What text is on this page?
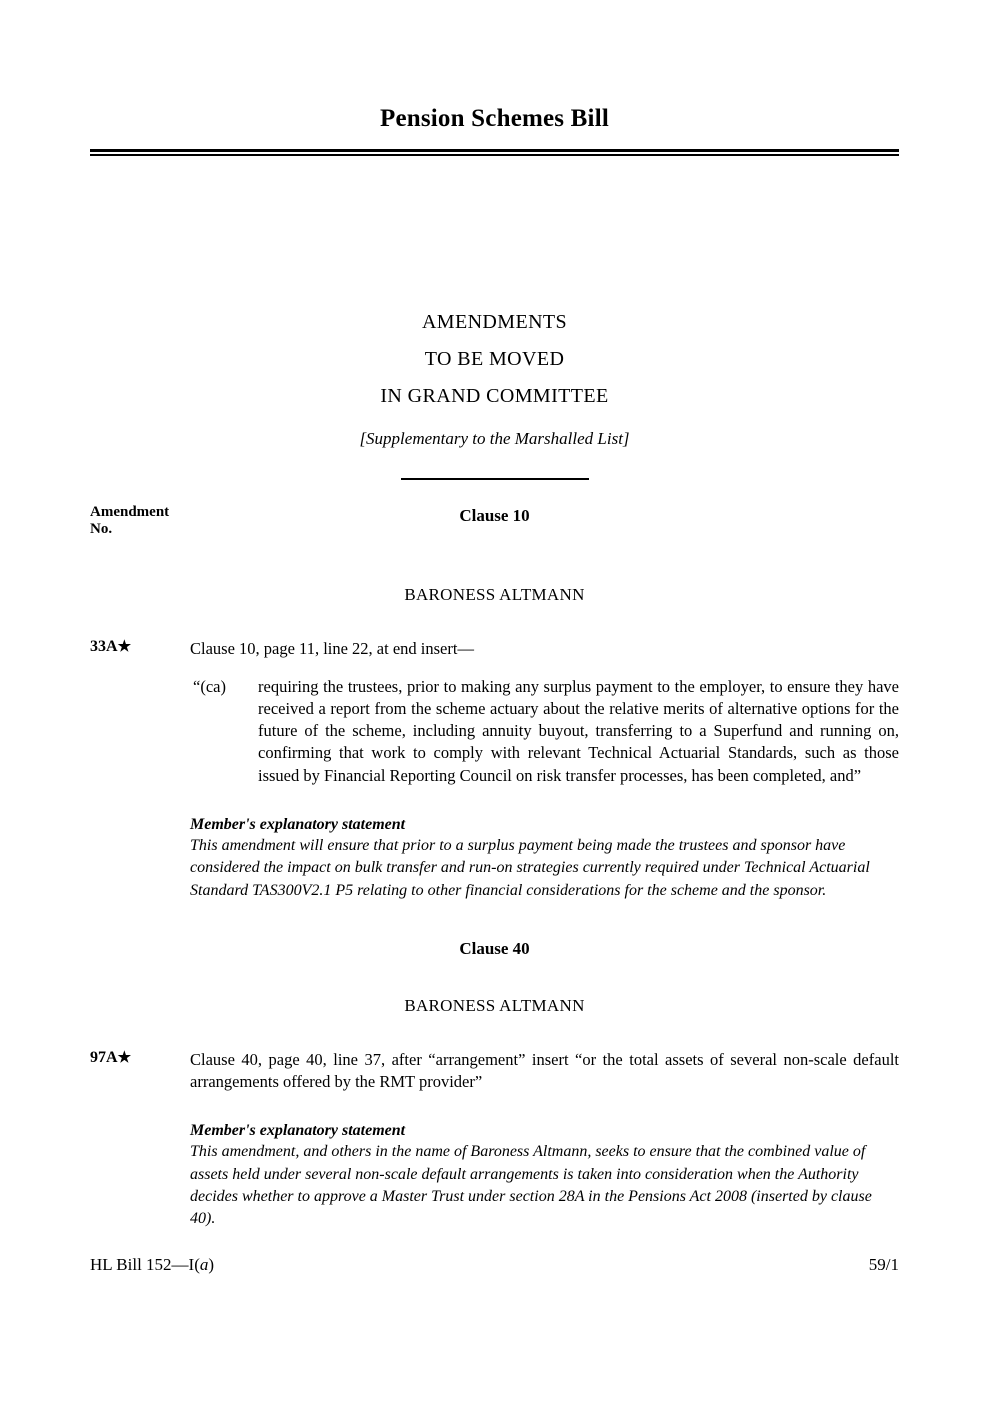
Pension Schemes Bill
AMENDMENTS
TO BE MOVED
IN GRAND COMMITTEE
[Supplementary to the Marshalled List]
Amendment
No.
Clause 10
BARONESS ALTMANN
33A★	Clause 10, page 11, line 22, at end insert—
“(ca) requiring the trustees, prior to making any surplus payment to the employer, to ensure they have received a report from the scheme actuary about the relative merits of alternative options for the future of the scheme, including annuity buyout, transferring to a Superfund and running on, confirming that work to comply with relevant Technical Actuarial Standards, such as those issued by Financial Reporting Council on risk transfer processes, has been completed, and”
Member's explanatory statement
This amendment will ensure that prior to a surplus payment being made the trustees and sponsor have considered the impact on bulk transfer and run-on strategies currently required under Technical Actuarial Standard TAS300V2.1 P5 relating to other financial considerations for the scheme and the sponsor.
Clause 40
BARONESS ALTMANN
97A★	Clause 40, page 40, line 37, after “arrangement” insert “or the total assets of several non-scale default arrangements offered by the RMT provider”
Member's explanatory statement
This amendment, and others in the name of Baroness Altmann, seeks to ensure that the combined value of assets held under several non-scale default arrangements is taken into consideration when the Authority decides whether to approve a Master Trust under section 28A in the Pensions Act 2008 (inserted by clause 40).
HL Bill 152—I(a)	59/1
